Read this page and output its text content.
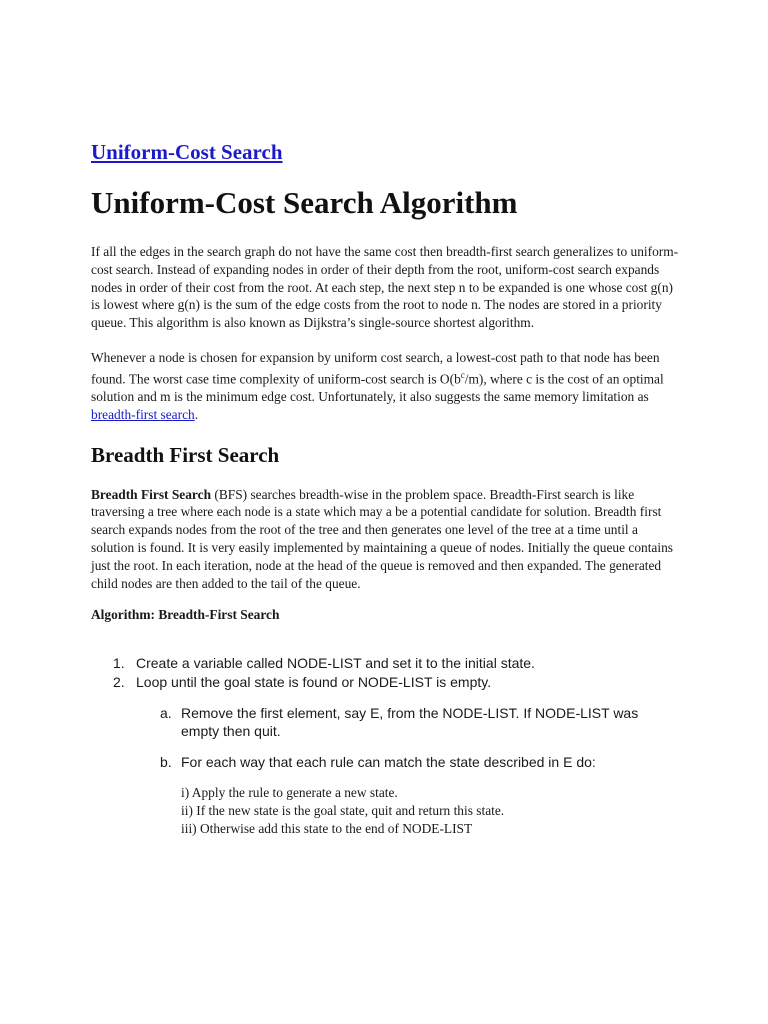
Uniform-Cost Search
Uniform-Cost Search Algorithm

If all the edges in the search graph do not have the same cost then breadth-first search generalizes to uniform-cost search. Instead of expanding nodes in order of their depth from the root, uniform-cost search expands nodes in order of their cost from the root. At each step, the next step n to be expanded is one whose cost g(n) is lowest where g(n) is the sum of the edge costs from the root to node n. The nodes are stored in a priority queue. This algorithm is also known as Dijkstra’s single-source shortest algorithm.

Whenever a node is chosen for expansion by uniform cost search, a lowest-cost path to that node has been found. The worst case time complexity of uniform-cost search is $O(b^c/m)$, where c is the cost of an optimal solution and m is the minimum edge cost. Unfortunately, it also suggests the same memory limitation as breadth-first search.

Breadth First Search

Breadth First Search (BFS) searches breadth-wise in the problem space. Breadth-First search is like traversing a tree where each node is a state which may a be a potential candidate for solution. Breadth first search expands nodes from the root of the tree and then generates one level of the tree at a time until a solution is found. It is very easily implemented by maintaining a queue of nodes. Initially the queue contains just the root. In each iteration, node at the head of the queue is removed and then expanded. The generated child nodes are then added to the tail of the queue.

Algorithm: Breadth-First Search

1. Create a variable called NODE-LIST and set it to the initial state.
2. Loop until the goal state is found or NODE-LIST is empty.
a. Remove the first element, say E, from the NODE-LIST. If NODE-LIST was empty then quit.
b. For each way that each rule can match the state described in E do:
i) Apply the rule to generate a new state.
ii) If the new state is the goal state, quit and return this state.
iii) Otherwise add this state to the end of NODE-LIST
